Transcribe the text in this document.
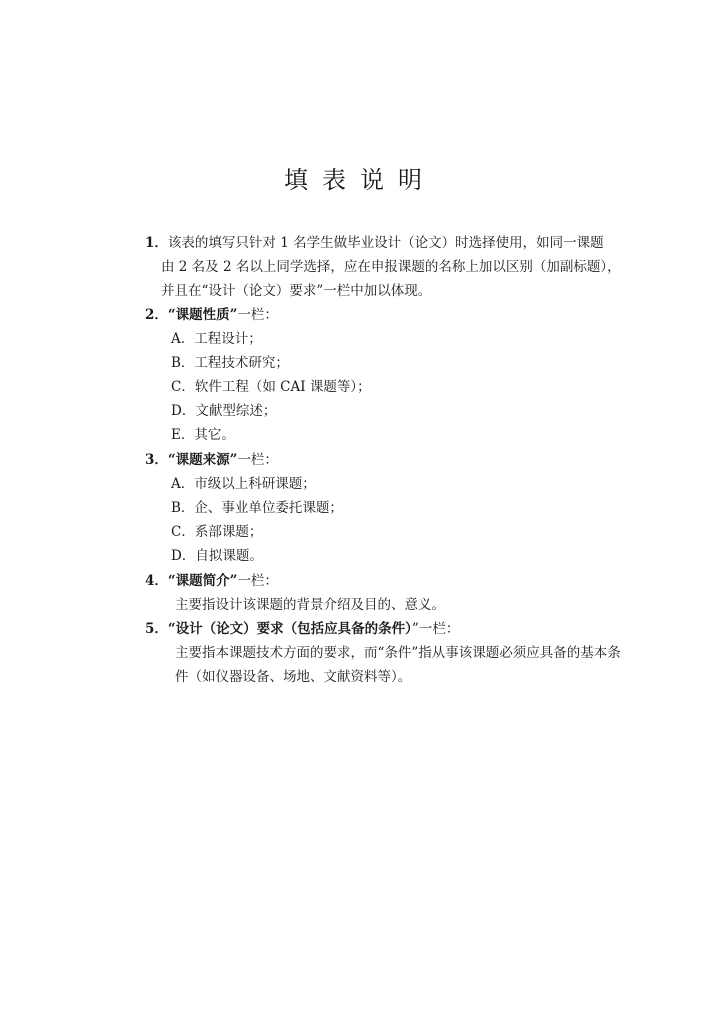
填表说明
1．该表的填写只针对 1 名学生做毕业设计（论文）时选择使用，如同一课题
由 2 名及 2 名以上同学选择，应在申报课题的名称上加以区别（加副标题），
并且在“设计（论文）要求”一栏中加以体现。
2．“课题性质”一栏：
A．工程设计；
B．工程技术研究；
C．软件工程（如 CAI 课题等）；
D．文献型综述；
E．其它。
3．“课题来源”一栏：
A．市级以上科研课题；
B．企、事业单位委托课题；
C．系部课题；
D．自拟课题。
4．“课题简介”一栏：
主要指设计该课题的背景介绍及目的、意义。
5．“设计（论文）要求（包括应具备的条件）”一栏：
主要指本课题技术方面的要求，而“条件”指从事该课题必须应具备的基本条
件（如仪器设备、场地、文献资料等）。
